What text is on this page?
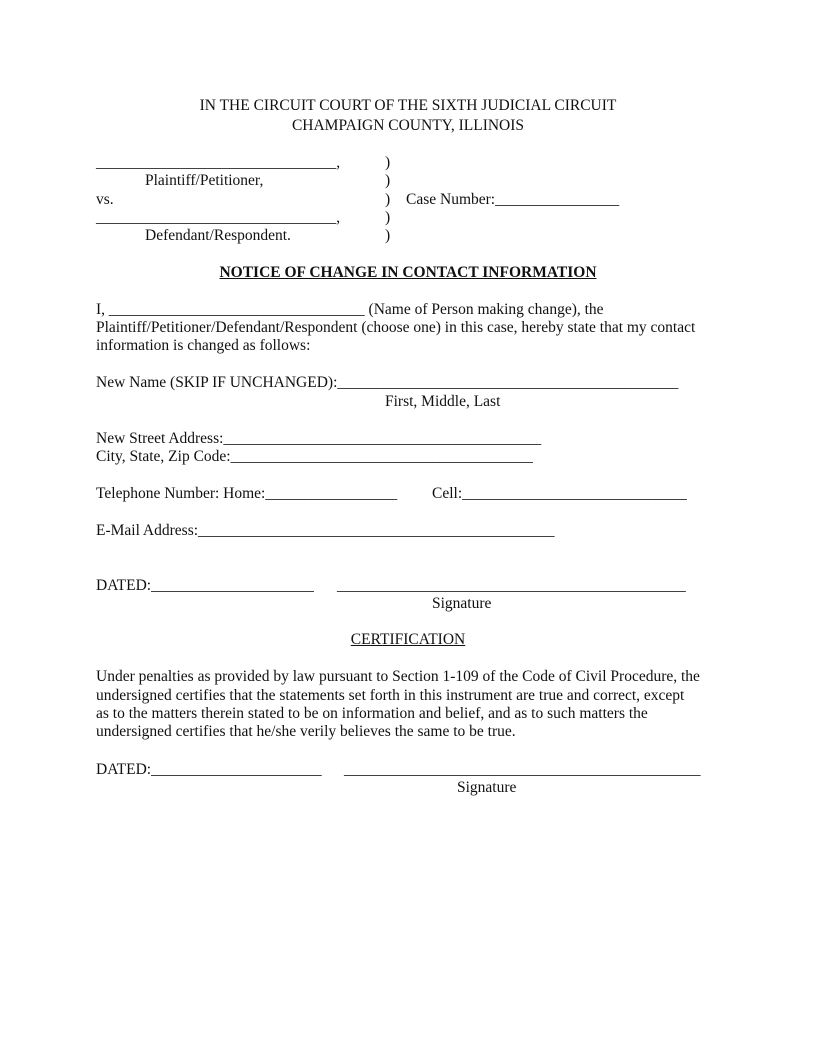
IN THE CIRCUIT COURT OF THE SIXTH JUDICIAL CIRCUIT
CHAMPAIGN COUNTY, ILLINOIS
_______________________________,
Plaintiff/Petitioner,
vs.
_______________________________,
Defendant/Respondent.
)
)
)
)
)
Case Number:________________
NOTICE OF CHANGE IN CONTACT INFORMATION
I, _________________________________ (Name of Person making change), the
Plaintiff/Petitioner/Defendant/Respondent (choose one) in this case, hereby state that my contact
information is changed as follows:
New Name (SKIP IF UNCHANGED):____________________________________________
First, Middle, Last
New Street Address:_________________________________________
City, State, Zip Code:_______________________________________
Telephone Number: Home:_________________ Cell:_____________________________
E-Mail Address:______________________________________________
DATED:_____________________ _____________________________________________
Signature
CERTIFICATION
Under penalties as provided by law pursuant to Section 1-109 of the Code of Civil Procedure, the
undersigned certifies that the statements set forth in this instrument are true and correct, except
as to the matters therein stated to be on information and belief, and as to such matters the
undersigned certifies that he/she verily believes the same to be true.
DATED:______________________ ______________________________________________
Signature
